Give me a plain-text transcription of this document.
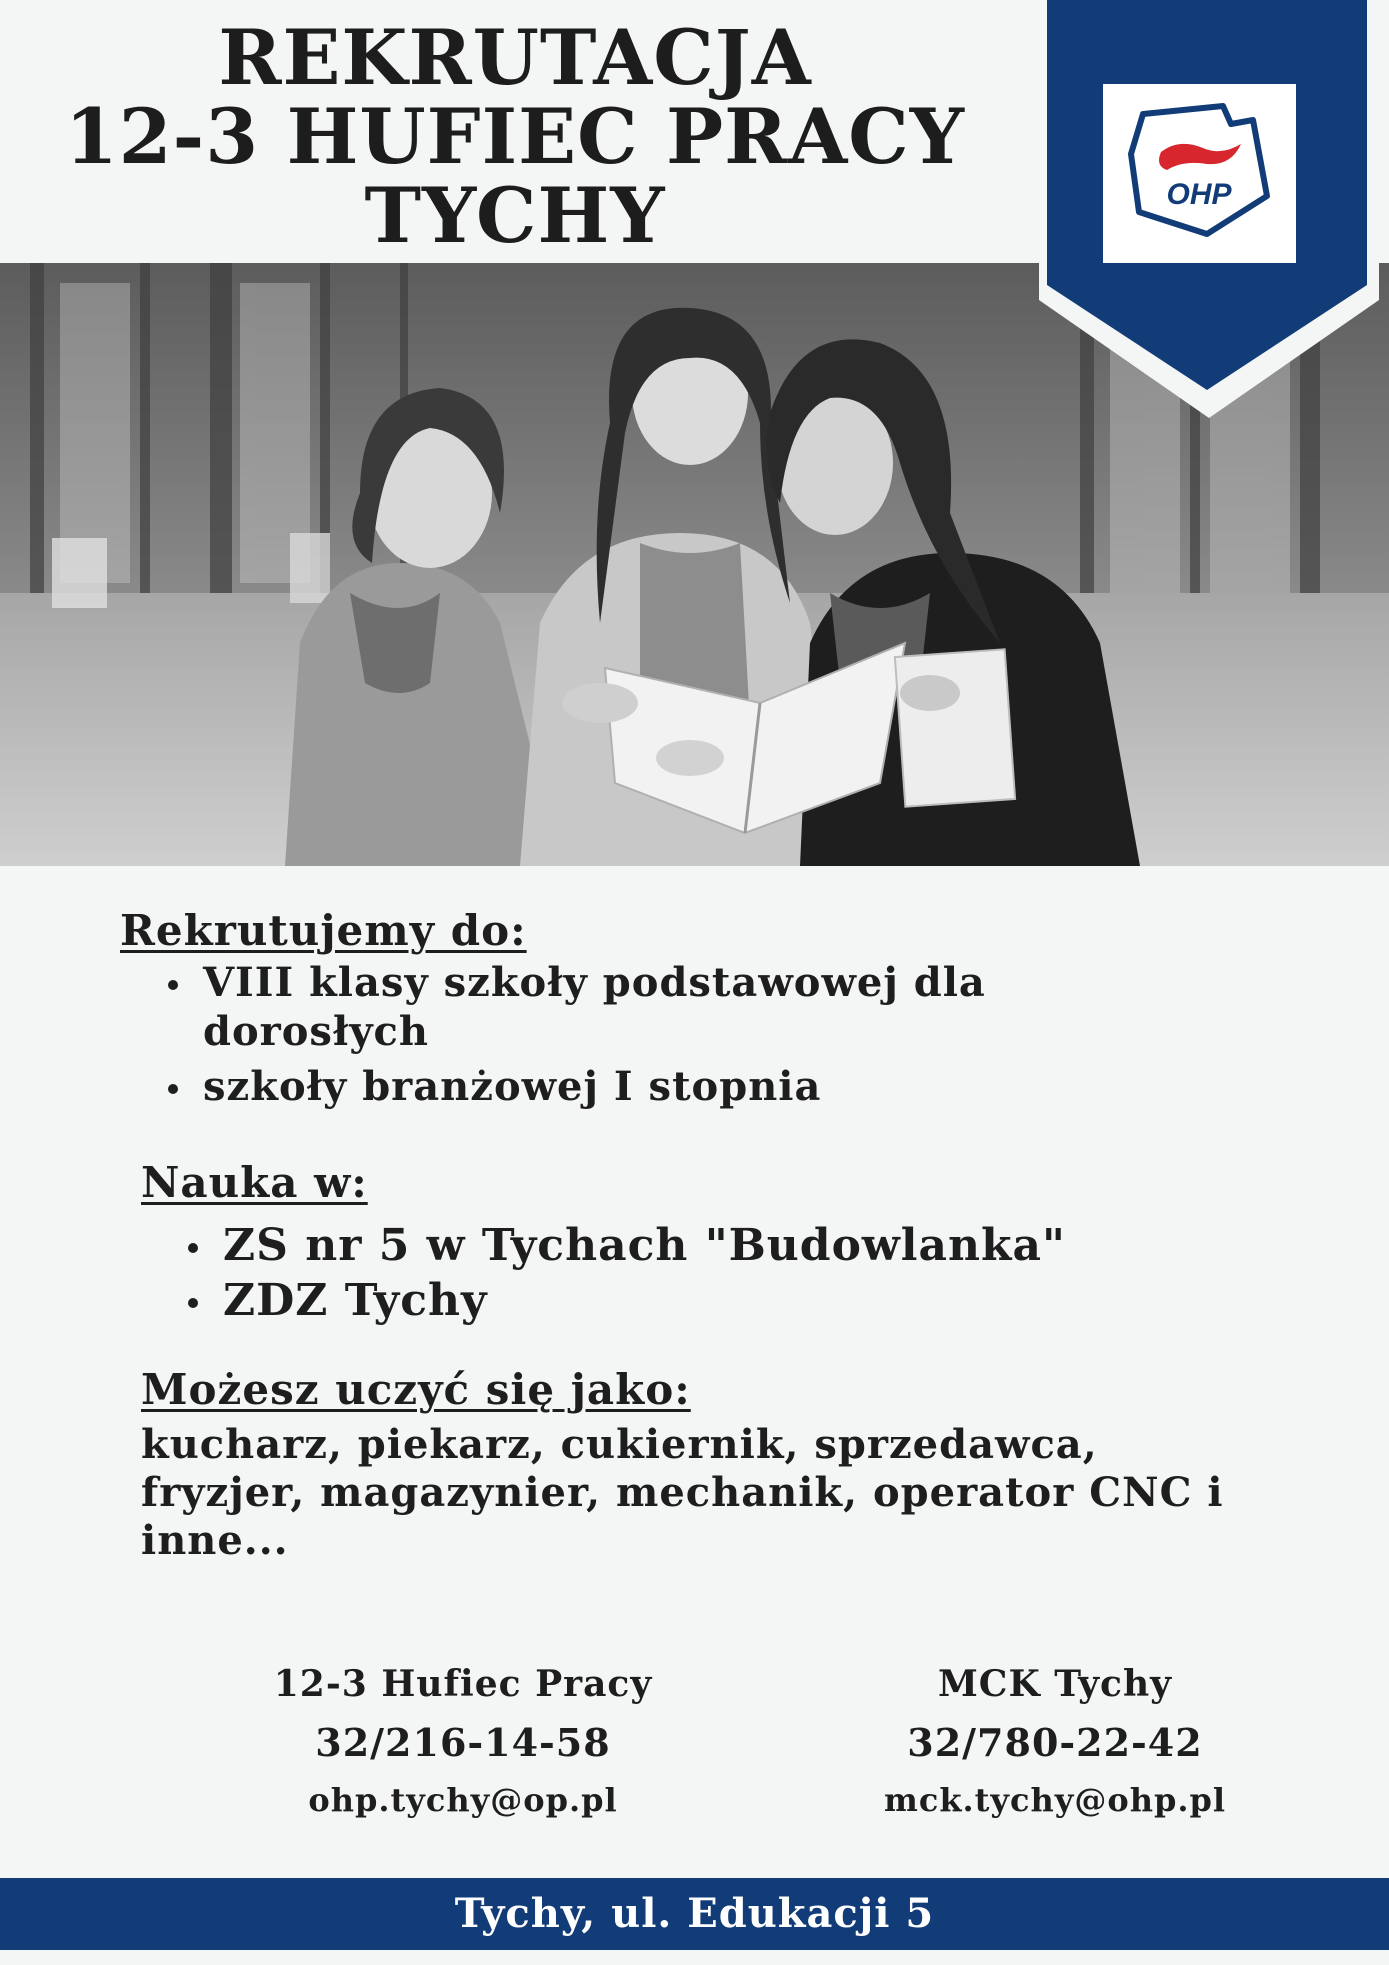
REKRUTACJA
12-3 HUFIEC PRACY
TYCHY	OHP
Rekrutujemy do:
VIII klasy szkoły podstawowej dla
dorosłych
szkoły branżowej I stopnia
Nauka w:
ZS nr 5 w Tychach "Budowlanka"
ZDZ Tychy
Możesz uczyć się jako:
kucharz, piekarz, cukiernik, sprzedawca, fryzjer, magazynier, mechanik, operator CNC i inne...
12-3 Hufiec Pracy
32/216-14-58
ohp.tychy@op.pl
MCK Tychy
32/780-22-42
mck.tychy@ohp.pl
Tychy, ul. Edukacji 5
